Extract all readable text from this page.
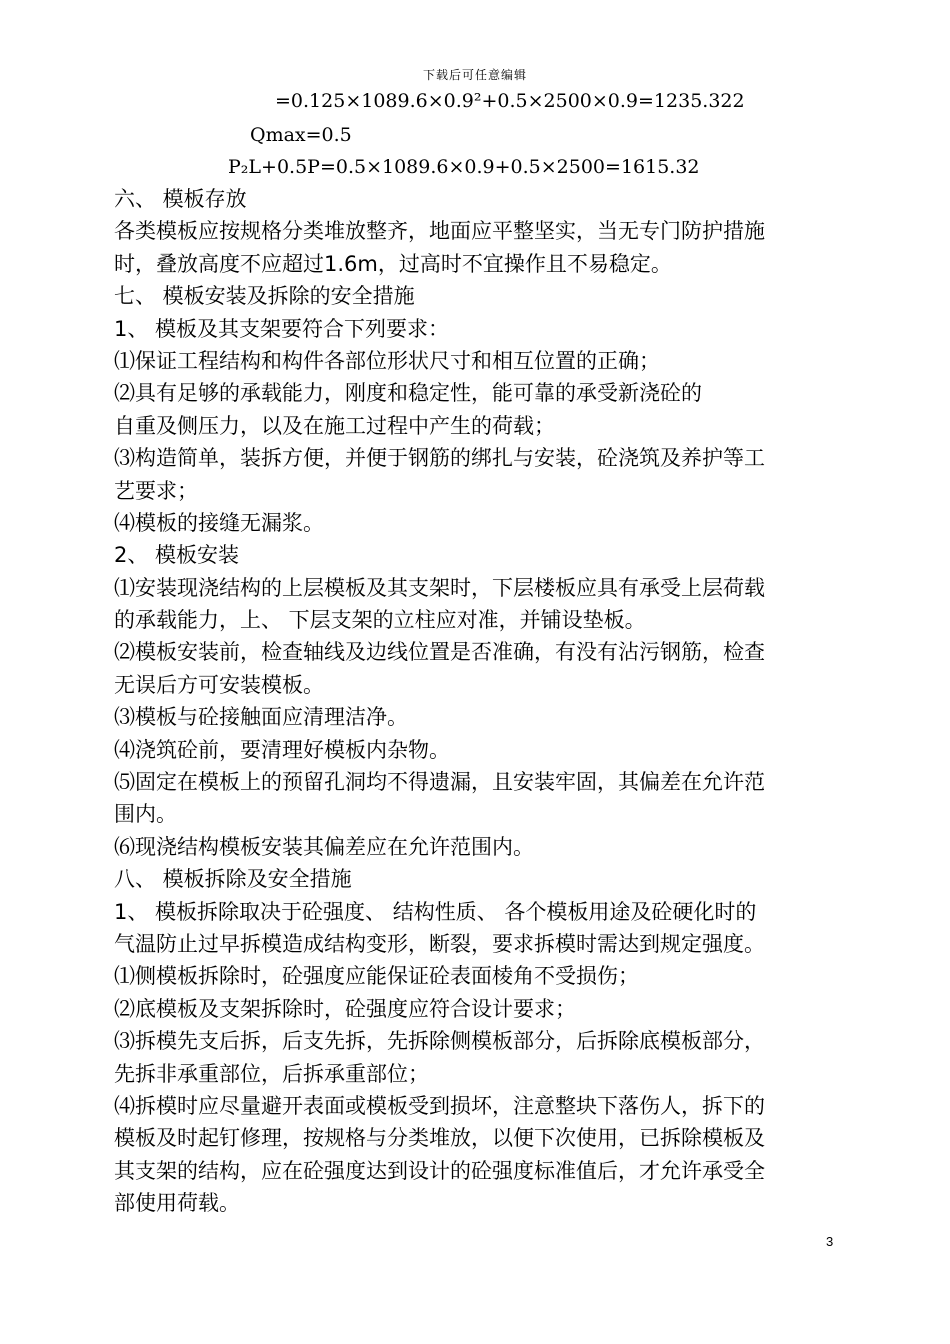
下载后可任意编辑
=0.125×1089.6×0.9²+0.5×2500×0.9=1235.322
Qmax=0.5
P₂L+0.5P=0.5×1089.6×0.9+0.5×2500=1615.32
六、 模板存放
各类模板应按规格分类堆放整齐，地面应平整坚实，当无专门防护措施
时，叠放高度不应超过1.6m，过高时不宜操作且不易稳定。
七、 模板安装及拆除的安全措施
1、 模板及其支架要符合下列要求：
⑴保证工程结构和构件各部位形状尺寸和相互位置的正确；
⑵具有足够的承载能力，刚度和稳定性，能可靠的承受新浇砼的
自重及侧压力，以及在施工过程中产生的荷载；
⑶构造简单，装拆方便，并便于钢筋的绑扎与安装，砼浇筑及养护等工
艺要求；
⑷模板的接缝无漏浆。
2、 模板安装
⑴安装现浇结构的上层模板及其支架时，下层楼板应具有承受上层荷载
的承载能力，上、 下层支架的立柱应对准，并铺设垫板。
⑵模板安装前，检查轴线及边线位置是否准确，有没有沾污钢筋，检查
无误后方可安装模板。
⑶模板与砼接触面应清理洁净。
⑷浇筑砼前，要清理好模板内杂物。
⑸固定在模板上的预留孔洞均不得遗漏，且安装牢固，其偏差在允许范
围内。
⑹现浇结构模板安装其偏差应在允许范围内。
八、 模板拆除及安全措施
1、 模板拆除取决于砼强度、 结构性质、 各个模板用途及砼硬化时的
气温防止过早拆模造成结构变形，断裂，要求拆模时需达到规定强度。
⑴侧模板拆除时，砼强度应能保证砼表面棱角不受损伤；
⑵底模板及支架拆除时，砼强度应符合设计要求；
⑶拆模先支后拆，后支先拆，先拆除侧模板部分，后拆除底模板部分，
先拆非承重部位，后拆承重部位；
⑷拆模时应尽量避开表面或模板受到损坏，注意整块下落伤人，拆下的
模板及时起钉修理，按规格与分类堆放，以便下次使用，已拆除模板及
其支架的结构，应在砼强度达到设计的砼强度标准值后，才允许承受全
部使用荷载。
3
